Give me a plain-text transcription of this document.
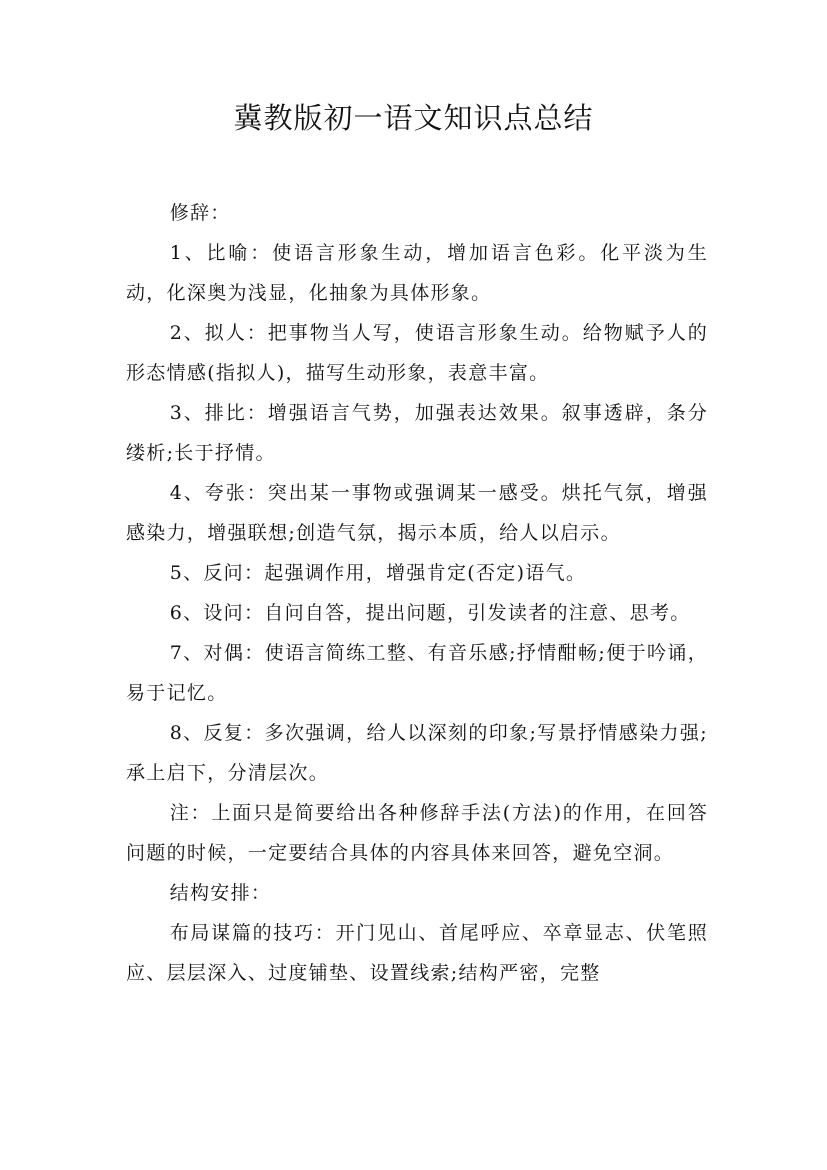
冀教版初一语文知识点总结

修辞：

1、比喻：使语言形象生动，增加语言色彩。化平淡为生动，化深奥为浅显，化抽象为具体形象。

2、拟人：把事物当人写，使语言形象生动。给物赋予人的形态情感(指拟人)，描写生动形象，表意丰富。

3、排比：增强语言气势，加强表达效果。叙事透辟，条分缕析;长于抒情。

4、夸张：突出某一事物或强调某一感受。烘托气氛，增强感染力，增强联想;创造气氛，揭示本质，给人以启示。

5、反问：起强调作用，增强肯定(否定)语气。

6、设问：自问自答，提出问题，引发读者的注意、思考。

7、对偶：使语言简练工整、有音乐感;抒情酣畅;便于吟诵，易于记忆。

8、反复：多次强调，给人以深刻的印象;写景抒情感染力强;承上启下，分清层次。

注：上面只是简要给出各种修辞手法(方法)的作用，在回答问题的时候，一定要结合具体的内容具体来回答，避免空洞。

结构安排：

布局谋篇的技巧：开门见山、首尾呼应、卒章显志、伏笔照应、层层深入、过度铺垫、设置线索;结构严密，完整
